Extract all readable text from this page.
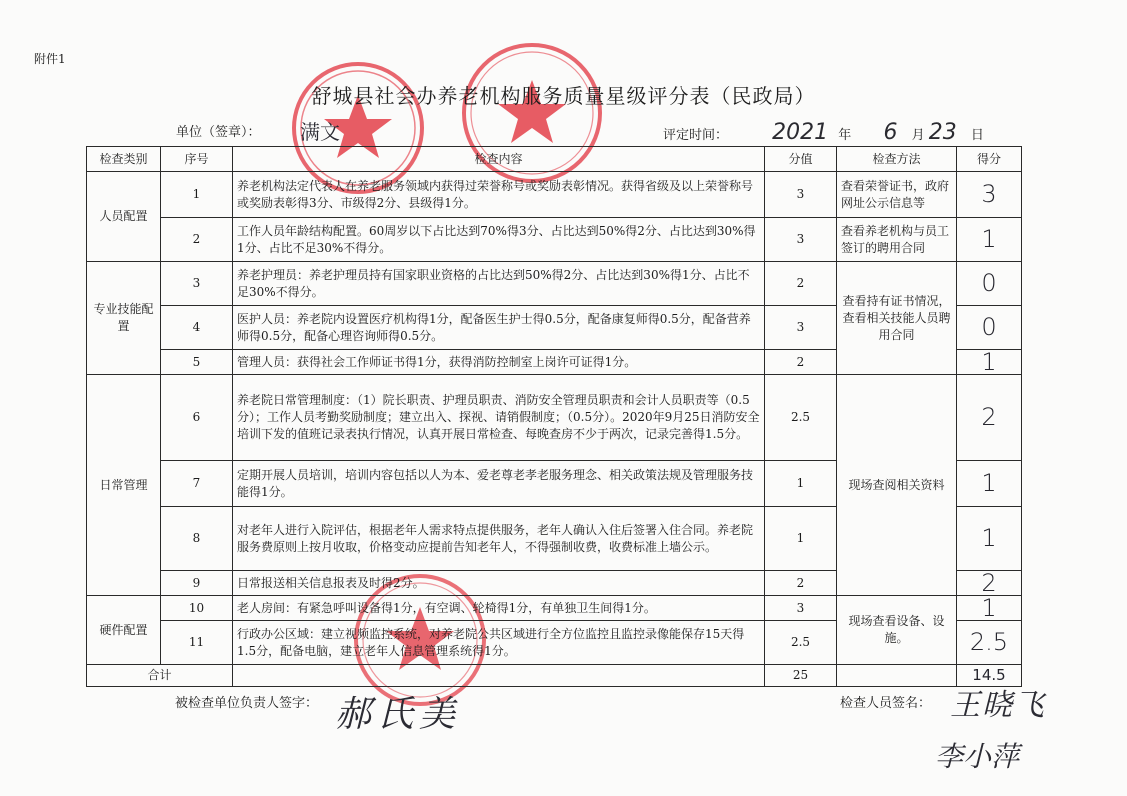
附件1
舒城县社会办养老机构服务质量星级评分表（民政局）
单位（签章）： 满文	评定时间： 2021 年 6 月 23 日
检查类别	序号	检查内容	分值	检查方法	得分
人员配置	1	养老机构法定代表人在养老服务领域内获得过荣誉称号或奖励表彰情况。获得省级及以上荣誉称号或奖励表彰得3分、市级得2分、县级得1分。	3	查看荣誉证书，政府网址公示信息等	3
	2	工作人员年龄结构配置。60周岁以下占比达到70%得3分、占比达到50%得2分、占比达到30%得1分、占比不足30%不得分。	3	查看养老机构与员工签订的聘用合同	1
专业技能配置	3	养老护理员：养老护理员持有国家职业资格的占比达到50%得2分、占比达到30%得1分、占比不足30%不得分。	2	查看持有证书情况，查看相关技能人员聘用合同	0
	4	医护人员：养老院内设置医疗机构得1分，配备医生护士得0.5分，配备康复师得0.5分，配备营养师得0.5分，配备心理咨询师得0.5分。	3		0
	5	管理人员：获得社会工作师证书得1分，获得消防控制室上岗许可证得1分。	2		1
日常管理	6	养老院日常管理制度：（1）院长职责、护理员职责、消防安全管理员职责和会计人员职责等（0.5分）；工作人员考勤奖励制度；建立出入、探视、请销假制度；（0.5分）。2020年9月25日消防安全培训下发的值班记录表执行情况，认真开展日常检查、每晚查房不少于两次，记录完善得1.5分。	2.5	现场查阅相关资料	2
	7	定期开展人员培训，培训内容包括以人为本、爱老尊老孝老服务理念、相关政策法规及管理服务技能得1分。	1		1
	8	对老年人进行入院评估，根据老年人需求特点提供服务，老年人确认入住后签署入住合同。养老院服务费原则上按月收取，价格变动应提前告知老年人，不得强制收费，收费标准上墙公示。	1		1
	9	日常报送相关信息报表及时得2分。	2		2
硬件配置	10	老人房间：有紧急呼叫设备得1分，有空调、轮椅得1分，有单独卫生间得1分。	3	现场查看设备、设施。	1
	11	行政办公区域：建立视频监控系统，对养老院公共区域进行全方位监控且监控录像能保存15天得1.5分，配备电脑，建立老年人信息管理系统得1分。	2.5		2.5
合计			25		14.5
被检查单位负责人签字： 郝氏美	检查人员签名： 王晓飞
李小萍
